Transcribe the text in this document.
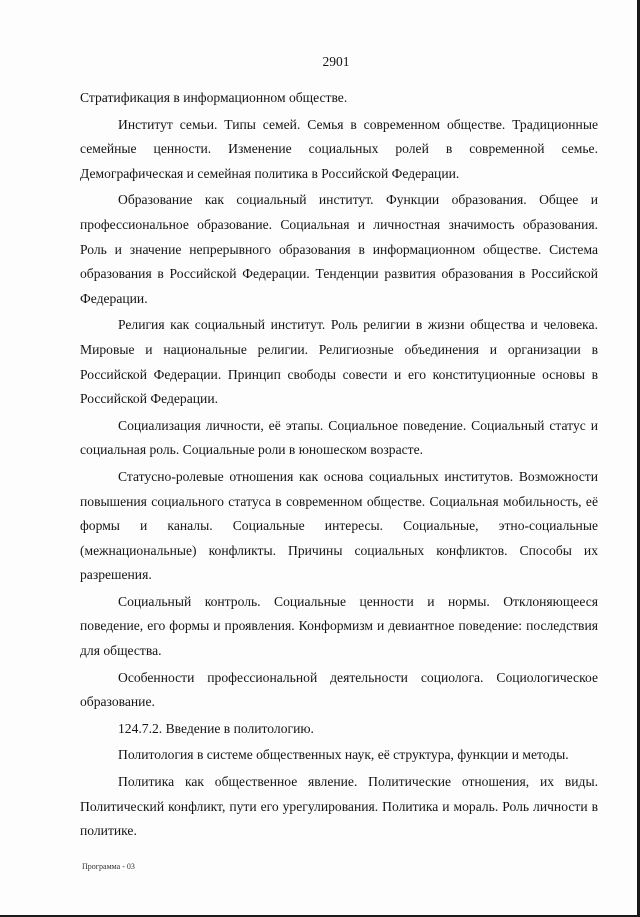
2901

Стратификация в информационном обществе.

Институт семьи. Типы семей. Семья в современном обществе. Традиционные семейные ценности. Изменение социальных ролей в современной семье. Демографическая и семейная политика в Российской Федерации.

Образование как социальный институт. Функции образования. Общее и профессиональное образование. Социальная и личностная значимость образования. Роль и значение непрерывного образования в информационном обществе. Система образования в Российской Федерации. Тенденции развития образования в Российской Федерации.

Религия как социальный институт. Роль религии в жизни общества и человека. Мировые и национальные религии. Религиозные объединения и организации в Российской Федерации. Принцип свободы совести и его конституционные основы в Российской Федерации.

Социализация личности, её этапы. Социальное поведение. Социальный статус и социальная роль. Социальные роли в юношеском возрасте.

Статусно-ролевые отношения как основа социальных институтов. Возможности повышения социального статуса в современном обществе. Социальная мобильность, её формы и каналы. Социальные интересы. Социальные, этно-социальные (межнациональные) конфликты. Причины социальных конфликтов. Способы их разрешения.

Социальный контроль. Социальные ценности и нормы. Отклоняющееся поведение, его формы и проявления. Конформизм и девиантное поведение: последствия для общества.

Особенности профессиональной деятельности социолога. Социологическое образование.

124.7.2. Введение в политологию.

Политология в системе общественных наук, её структура, функции и методы.

Политика как общественное явление. Политические отношения, их виды. Политический конфликт, пути его урегулирования. Политика и мораль. Роль личности в политике.

Программа - 03
